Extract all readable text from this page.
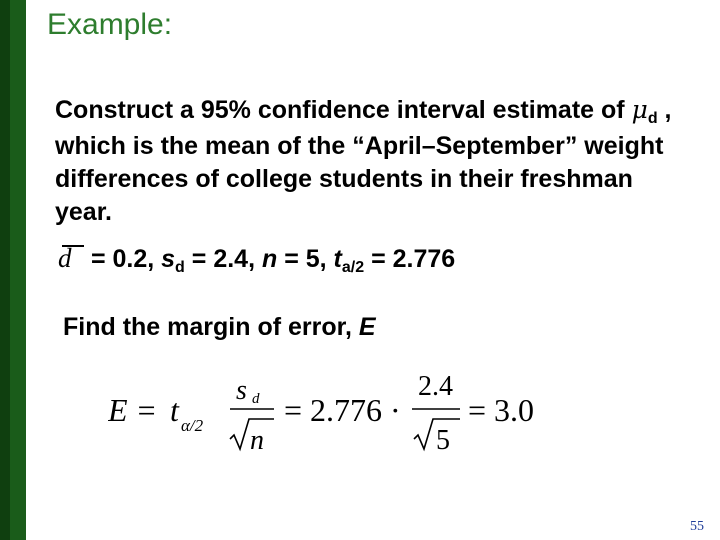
Example:
Construct a 95% confidence interval estimate of $\mu_d$ , which is the mean of the “April–September” weight differences of college students in their freshman year.
d = 0.2, $s_d = 2.4$, n = 5, $t_{a/2} = 2.776$
Find the margin of error, E
E = t α/2
s d
n
= 2.776 ·
2.4
5
= 3.0
55
